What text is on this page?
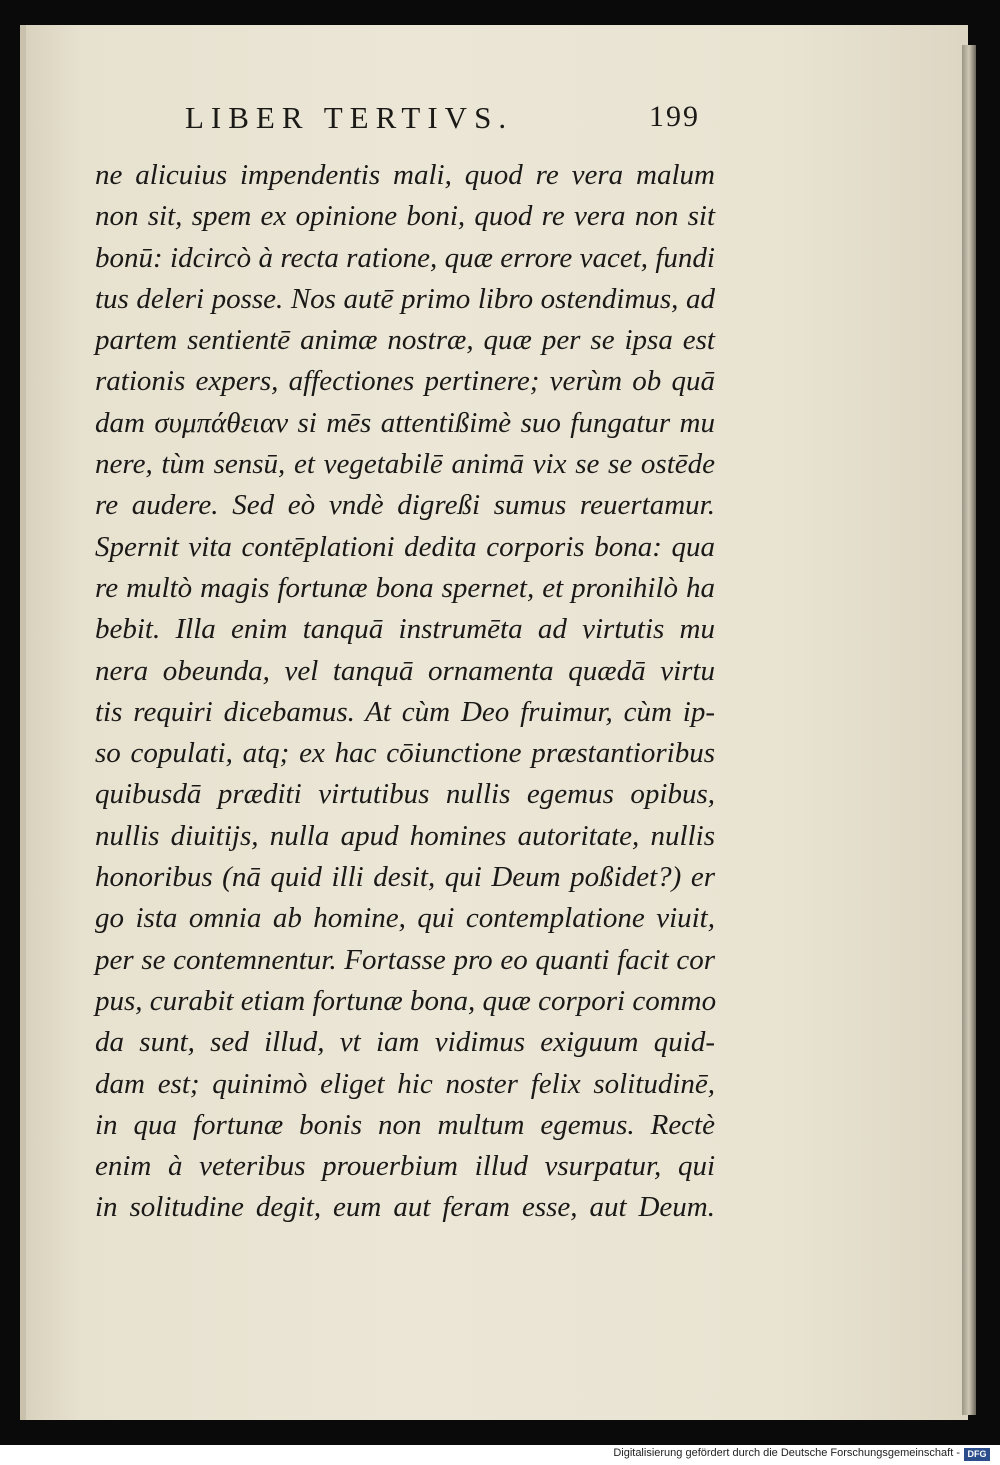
LIBER TERTIVS.	199
ne alicuius impendentis mali, quod re vera malum
non sit, spem ex opinione boni, quod re vera non sit
bonū: idcircò à recta ratione, quæ errore vacet, fundi
tus deleri posse. Nos autē primo libro ostendimus, ad
partem sentientē animæ nostræ, quæ per se ipsa est
rationis expers, affectiones pertinere; verùm ob quā
dam συμπάθειαν si mēs attentißimè suo fungatur mu
nere, tùm sensū, et vegetabilē animā vix se se ostēde
re audere. Sed eò vndè digreßi sumus reuertamur.
Spernit vita contēplationi dedita corporis bona: qua
re multò magis fortunæ bona spernet, et pronihilò ha
bebit. Illa enim tanquā instrumēta ad virtutis mu
nera obeunda, vel tanquā ornamenta quædā virtu
tis requiri dicebamus. At cùm Deo fruimur, cùm ip-
so copulati, atq; ex hac cōiunctione præstantioribus
quibusdā præditi virtutibus nullis egemus opibus,
nullis diuitijs, nulla apud homines autoritate, nullis
honoribus (nā quid illi desit, qui Deum poßidet?) er
go ista omnia ab homine, qui contemplatione viuit,
per se contemnentur. Fortasse pro eo quanti facit cor
pus, curabit etiam fortunæ bona, quæ corpori commo
da sunt, sed illud, vt iam vidimus exiguum quid-
dam est; quinimò eliget hic noster felix solitudinē,
in qua fortunæ bonis non multum egemus. Rectè
enim à veteribus prouerbium illud vsurpatur, qui
in solitudine degit, eum aut feram esse, aut Deum.
Digitalisierung gefördert durch die Deutsche Forschungsgemeinschaft - DFG
